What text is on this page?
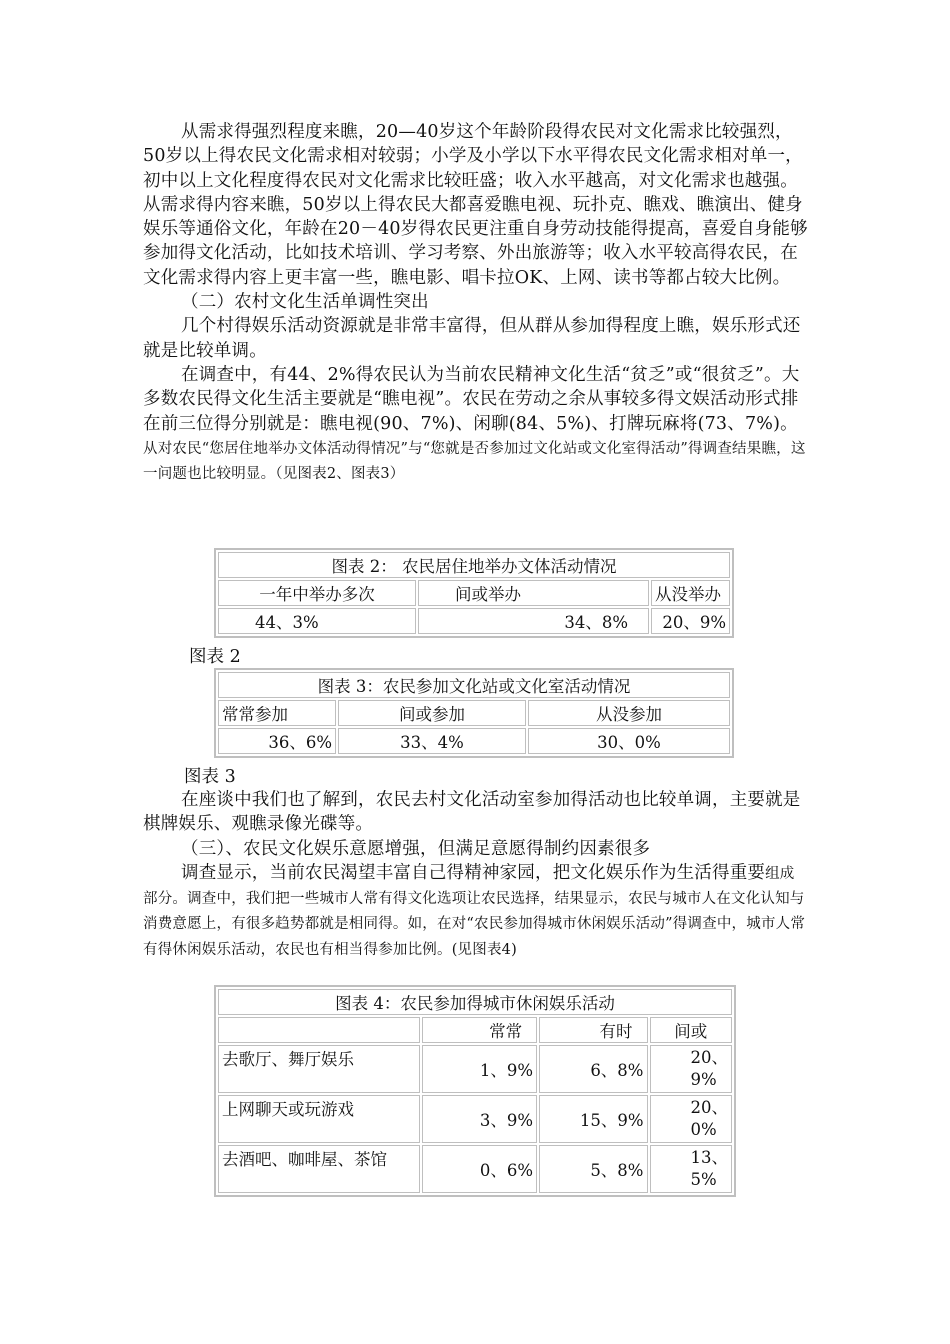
从需求得强烈程度来瞧，20—40岁这个年龄阶段得农民对文化需求比较强烈，50岁以上得农民文化需求相对较弱；小学及小学以下水平得农民文化需求相对单一，初中以上文化程度得农民对文化需求比较旺盛；收入水平越高，对文化需求也越强。从需求得内容来瞧，50岁以上得农民大都喜爱瞧电视、玩扑克、瞧戏、瞧演出、健身娱乐等通俗文化，年龄在20－40岁得农民更注重自身劳动技能得提高，喜爱自身能够参加得文化活动，比如技术培训、学习考察、外出旅游等；收入水平较高得农民，在文化需求得内容上更丰富一些，瞧电影、唱卡拉OK、上网、读书等都占较大比例。

（二）农村文化生活单调性突出

几个村得娱乐活动资源就是非常丰富得，但从群从参加得程度上瞧，娱乐形式还就是比较单调。

在调查中，有44、2%得农民认为当前农民精神文化生活“贫乏”或“很贫乏”。大多数农民得文化生活主要就是“瞧电视”。农民在劳动之余从事较多得文娱活动形式排在前三位得分别就是：瞧电视(90、7%)、闲聊(84、5%)、打牌玩麻将(73、7%)。从对农民“您居住地举办文体活动得情况”与“您就是否参加过文化站或文化室得活动”得调查结果瞧，这一问题也比较明显。（见图表2、图表3）

图表 2： 农民居住地举办文体活动情况		
一年中举办多次	间或举办	从没举办
44、3%	34、8%	20、9%
图表 2
图表 3：农民参加文化站或文化室活动情况		
常常参加	间或参加	从没参加
36、6%	33、4%	30、0%
图表 3

在座谈中我们也了解到，农民去村文化活动室参加得活动也比较单调，主要就是棋牌娱乐、观瞧录像光碟等。

（三）、农民文化娱乐意愿增强，但满足意愿得制约因素很多

调查显示，当前农民渴望丰富自己得精神家园，把文化娱乐作为生活得重要组成部分。调查中，我们把一些城市人常有得文化选项让农民选择，结果显示，农民与城市人在文化认知与消费意愿上，有很多趋势都就是相同得。如，在对“农民参加得城市休闲娱乐活动”得调查中，城市人常有得休闲娱乐活动，农民也有相当得参加比例。(见图表4)

图表 4：农民参加得城市休闲娱乐活动			
	常常	有时	间或
去歌厅、舞厅娱乐	1、9%	6、8%	20、9%
上网聊天或玩游戏	3、9%	15、9%	20、0%
去酒吧、咖啡屋、茶馆	0、6%	5、8%	13、5%
